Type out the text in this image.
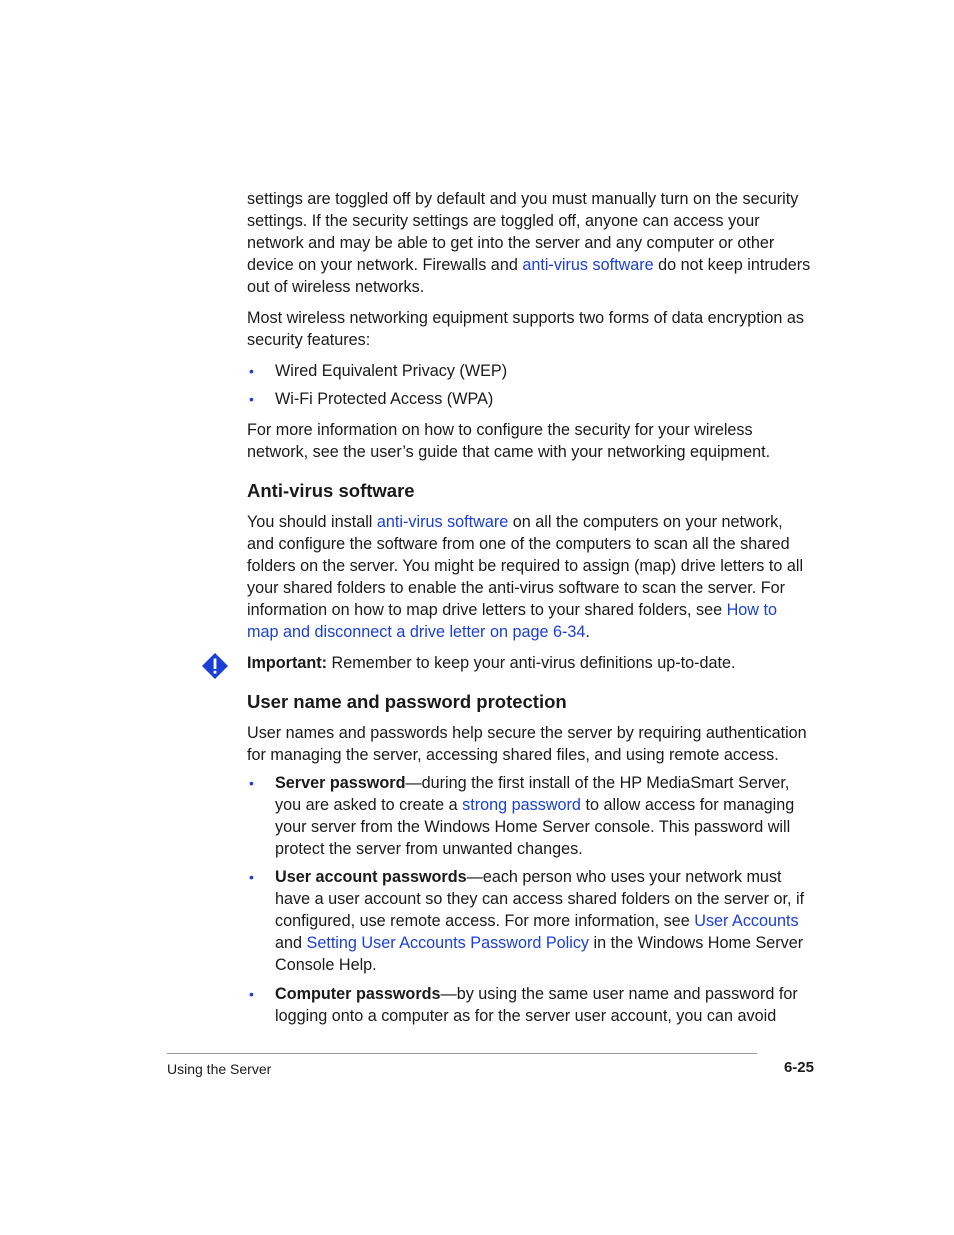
settings are toggled off by default and you must manually turn on the security settings. If the security settings are toggled off, anyone can access your network and may be able to get into the server and any computer or other device on your network. Firewalls and anti-virus software do not keep intruders out of wireless networks.

Most wireless networking equipment supports two forms of data encryption as security features:

• Wired Equivalent Privacy (WEP)
• Wi-Fi Protected Access (WPA)

For more information on how to configure the security for your wireless network, see the user’s guide that came with your networking equipment.

Anti-virus software

You should install anti-virus software on all the computers on your network, and configure the software from one of the computers to scan all the shared folders on the server. You might be required to assign (map) drive letters to all your shared folders to enable the anti-virus software to scan the server. For information on how to map drive letters to your shared folders, see How to map and disconnect a drive letter on page 6-34.

Important: Remember to keep your anti-virus definitions up-to-date.

User name and password protection

User names and passwords help secure the server by requiring authentication for managing the server, accessing shared files, and using remote access.

• Server password—during the first install of the HP MediaSmart Server, you are asked to create a strong password to allow access for managing your server from the Windows Home Server console. This password will protect the server from unwanted changes.
• User account passwords—each person who uses your network must have a user account so they can access shared folders on the server or, if configured, use remote access. For more information, see User Accounts and Setting User Accounts Password Policy in the Windows Home Server Console Help.
• Computer passwords—by using the same user name and password for logging onto a computer as for the server user account, you can avoid
Using the Server	6-25
